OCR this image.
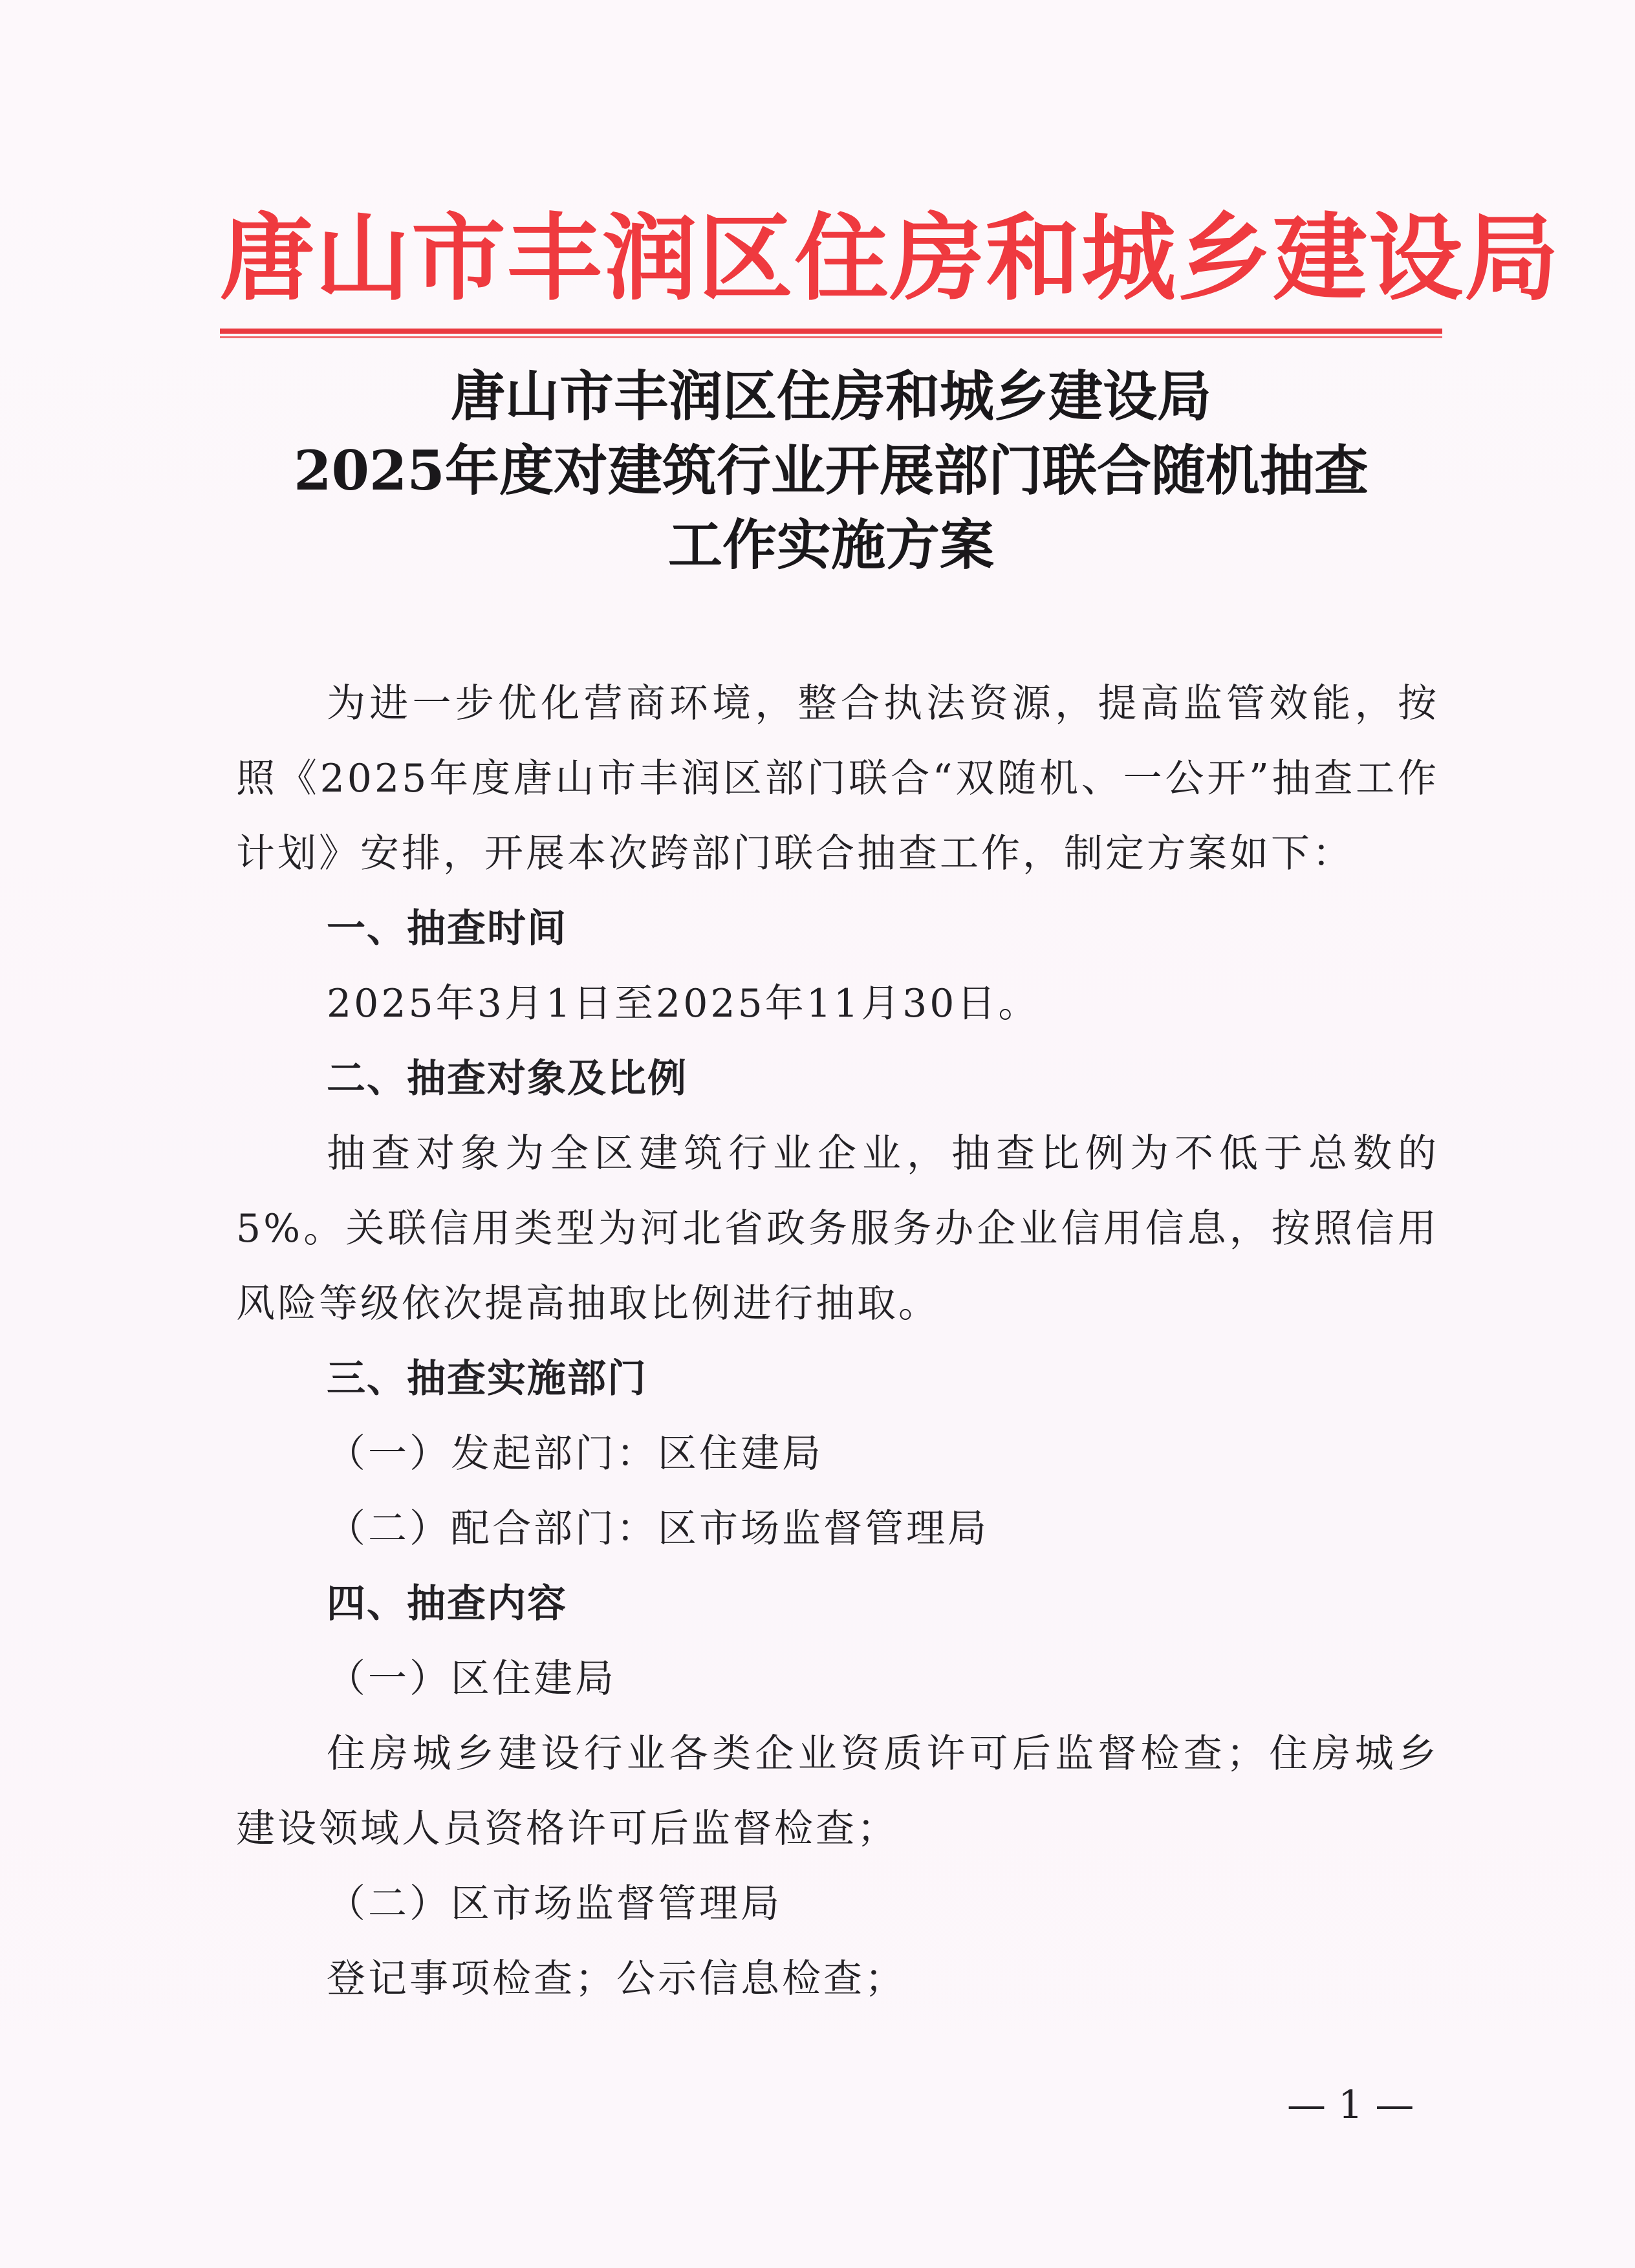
唐山市丰润区住房和城乡建设局
唐山市丰润区住房和城乡建设局
2025年度对建筑行业开展部门联合随机抽查
工作实施方案

为进一步优化营商环境，整合执法资源，提高监管效能，按照《2025年度唐山市丰润区部门联合“双随机、一公开”抽查工作计划》安排，开展本次跨部门联合抽查工作，制定方案如下：

一、抽查时间

2025年3月1日至2025年11月30日。

二、抽查对象及比例

抽查对象为全区建筑行业企业，抽查比例为不低于总数的5%。关联信用类型为河北省政务服务办企业信用信息，按照信用风险等级依次提高抽取比例进行抽取。

三、抽查实施部门

（一）发起部门：区住建局

（二）配合部门：区市场监督管理局

四、抽查内容

（一）区住建局

住房城乡建设行业各类企业资质许可后监督检查；住房城乡建设领域人员资格许可后监督检查；

（二）区市场监督管理局

登记事项检查；公示信息检查；

— 1 —
